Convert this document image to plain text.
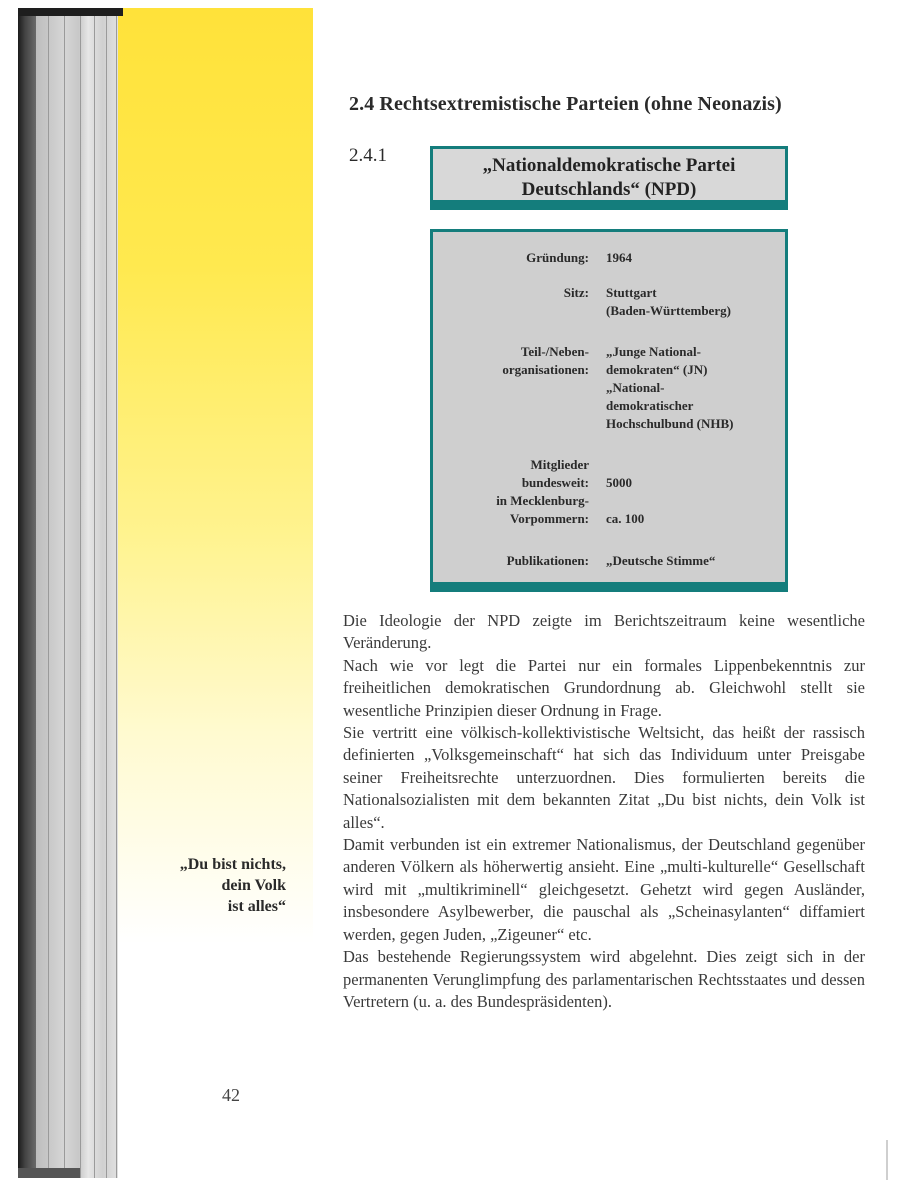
2.4 Rechtsextremistische Parteien (ohne Neonazis)
2.4.1	„Nationaldemokratische Partei
Deutschlands“ (NPD)
Gründung: 1964
Sitz: Stuttgart
(Baden-Württemberg)
Teil-/Neben-
organisationen:
„Junge National-
demokraten“ (JN)
„National-
demokratischer
Hochschulbund (NHB)
Mitglieder
bundesweit:
in Mecklenburg-
Vorpommern:
5000
ca. 100
Publikationen: „Deutsche Stimme“

Die Ideologie der NPD zeigte im Berichtszeitraum keine wesentliche Veränderung.

Nach wie vor legt die Partei nur ein formales Lippenbekenntnis zur freiheitlichen demokratischen Grundordnung ab. Gleichwohl stellt sie wesentliche Prinzipien dieser Ordnung in Frage.

Sie vertritt eine völkisch-kollektivistische Weltsicht, das heißt der rassisch definierten „Volksgemeinschaft“ hat sich das Individuum unter Preisgabe seiner Freiheitsrechte unterzuordnen. Dies formulierten bereits die Nationalsozialisten mit dem bekannten Zitat „Du bist nichts, dein Volk ist alles“.

Damit verbunden ist ein extremer Nationalismus, der Deutschland gegenüber anderen Völkern als höherwertig ansieht. Eine „multi-kulturelle“ Gesellschaft wird mit „multikriminell“ gleichgesetzt. Gehetzt wird gegen Ausländer, insbesondere Asylbewerber, die pauschal als „Scheinasylanten“ diffamiert werden, gegen Juden, „Zigeuner“ etc.

Das bestehende Regierungssystem wird abgelehnt. Dies zeigt sich in der permanenten Verunglimpfung des parlamentarischen Rechtsstaates und dessen Vertretern (u. a. des Bundespräsidenten).

„Du bist nichts,
dein Volk
ist alles“
42
